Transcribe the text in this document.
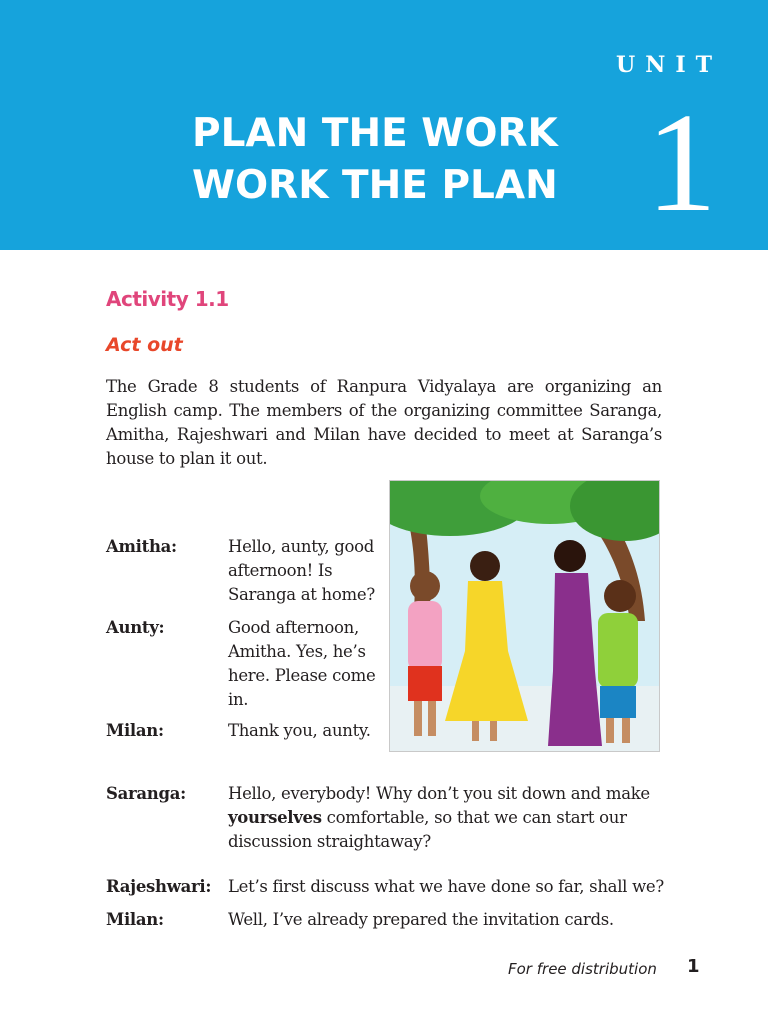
UNIT
PLAN THE WORK
WORK THE PLAN 1
Activity 1.1
Act out

The Grade 8 students of Ranpura Vidyalaya are organizing an English camp. The members of the organizing committee Saranga, Amitha, Rajeshwari and Milan have decided to meet at Saranga’s house to plan it out.

Amitha:	Hello, aunty, good
afternoon! Is
Saranga at home?
Aunty:	Good afternoon,
Amitha. Yes, he’s
here. Please come
in.
Milan:	Thank you, aunty.
Saranga:	Hello, everybody! Why don’t you sit down and make
yourselves comfortable, so that we can start our
discussion straightaway?
Rajeshwari: Let’s first discuss what we have done so far, shall we?
Milan:	Well, I’ve already prepared the invitation cards.
For free distribution 1
